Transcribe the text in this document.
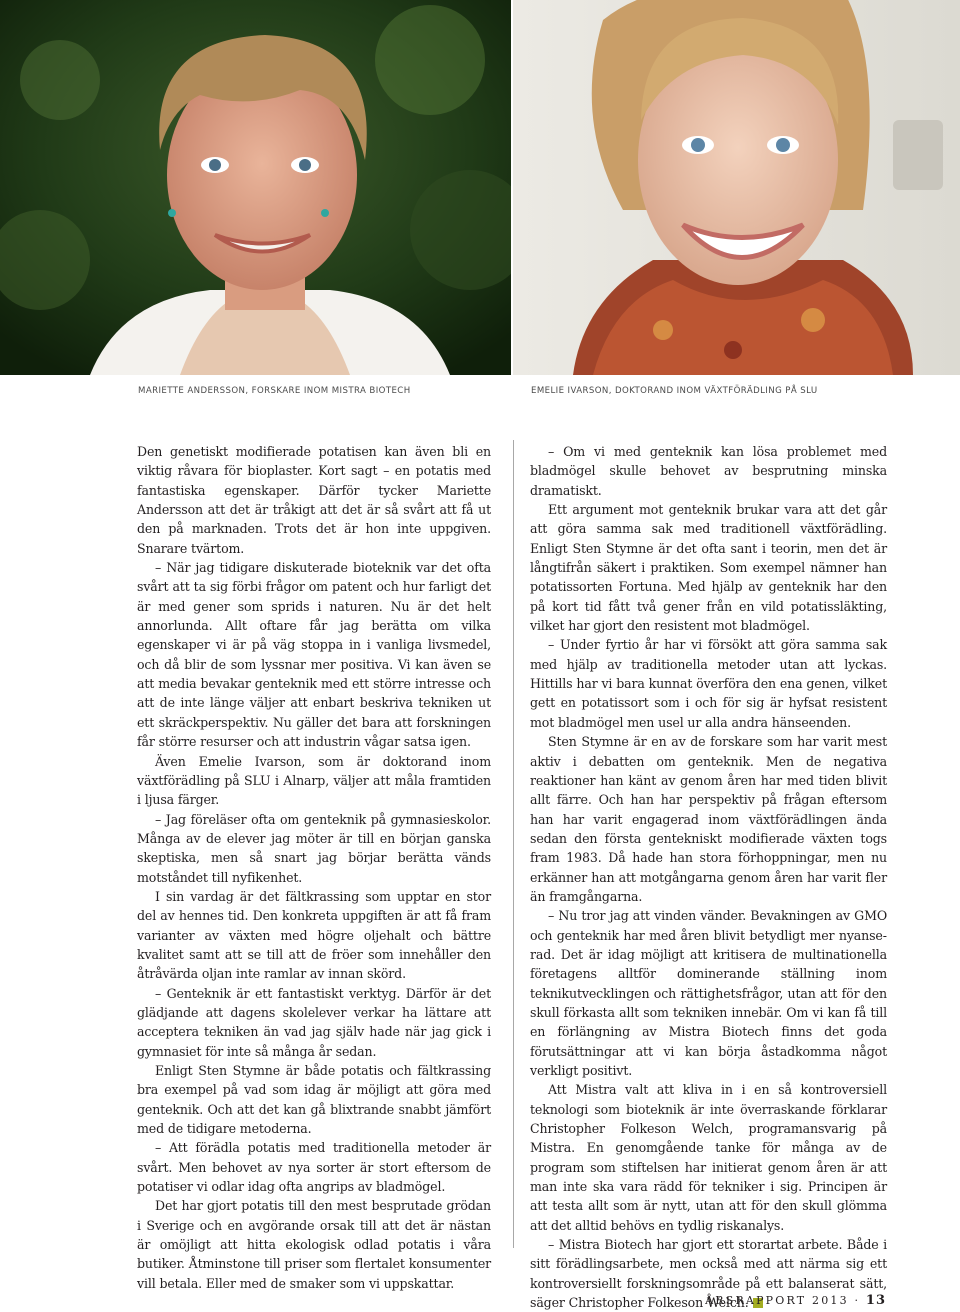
MARIETTE ANDERSSON, FORSKARE INOM MISTRA BIOTECH	EMELIE IVARSON, DOKTORAND INOM VÄXTFÖRÄDLING PÅ SLU

Den genetiskt modifierade potatisen kan även bli en viktig råvara för bioplaster. Kort sagt – en potatis med fantastiska egenskaper. Därför tycker Mariette Andersson att det är tråkigt att det är så svårt att få ut den på marknaden. Trots det är hon inte uppgiven. Snarare tvärtom.

– När jag tidigare diskuterade bioteknik var det ofta svårt att ta sig förbi frågor om patent och hur farligt det är med gener som sprids i naturen. Nu är det helt annorlunda. Allt oftare får jag berätta om vilka egenskaper vi är på väg stoppa in i vanliga livsmedel, och då blir de som lyssnar mer positiva. Vi kan även se att media bevakar genteknik med ett större intresse och att de inte länge väljer att enbart beskriva tekniken ut ett skräckperspektiv. Nu gäller det bara att forskningen får större resurser och att industrin vågar satsa igen.

Även Emelie Ivarson, som är doktorand inom växtförädling på SLU i Alnarp, väljer att måla framtiden i ljusa färger.

– Jag föreläser ofta om genteknik på gymnasieskolor. Många av de elever jag möter är till en början ganska skeptiska, men så snart jag börjar berätta vänds motståndet till nyfikenhet.

I sin vardag är det fältkrassing som upptar en stor del av hennes tid. Den konkreta uppgiften är att få fram varianter av växten med högre oljehalt och bättre kvalitet samt att se till att de fröer som innehåller den åtråvärda oljan inte ramlar av innan skörd.

– Genteknik är ett fantastiskt verktyg. Därför är det glädjande att dagens skolelever verkar ha lättare att acceptera tekniken än vad jag själv hade när jag gick i gymnasiet för inte så många år sedan.

Enligt Sten Stymne är både potatis och fältkrassing bra exempel på vad som idag är möjligt att göra med genteknik. Och att det kan gå blixtrande snabbt jämfört med de tidigare metoderna.

– Att förädla potatis med traditionella metoder är svårt. Men behovet av nya sorter är stort eftersom de potatiser vi odlar idag ofta angrips av bladmögel.

Det har gjort potatis till den mest besprutade grödan i Sverige och en avgörande orsak till att det är nästan är omöjligt att hitta ekologisk odlad potatis i våra butiker. Åtminstone till priser som flertalet konsumenter vill betala. Eller med de smaker som vi uppskattar.

– Om vi med genteknik kan lösa problemet med bladmögel skulle behovet av besprutning minska dramatiskt.

Ett argument mot genteknik brukar vara att det går att göra samma sak med traditionell växtförädling. Enligt Sten Stymne är det ofta sant i teorin, men det är långtifrån säkert i praktiken. Som exempel nämner han potatissorten Fortuna. Med hjälp av genteknik har den på kort tid fått två gener från en vild potatissläkting, vilket har gjort den resistent mot bladmögel.

– Under fyrtio år har vi försökt att göra samma sak med hjälp av traditionella metoder utan att lyckas. Hittills har vi bara kunnat överföra den ena genen, vilket gett en potatissort som i och för sig är hyfsat resistent mot bladmögel men usel ur alla andra hänseenden.

Sten Stymne är en av de forskare som har varit mest aktiv i debatten om genteknik. Men de negativa reaktioner han känt av genom åren har med tiden blivit allt färre. Och han har perspektiv på frågan eftersom han har varit engagerad inom växtförädlingen ända sedan den första gentekniskt modifierade växten togs fram 1983. Då hade han stora förhoppningar, men nu erkänner han att motgångarna genom åren har varit fler än framgångarna.

– Nu tror jag att vinden vänder. Bevakningen av GMO och genteknik har med åren blivit betydligt mer nyanserad. Det är idag möjligt att kritisera de multinationella företagens alltför dominerande ställning inom teknikutvecklingen och rättighetsfrågor, utan att för den skull förkasta allt som tekniken innebär. Om vi kan få till en förlängning av Mistra Biotech finns det goda förutsättningar att vi kan börja åstadkomma något verkligt positivt.

Att Mistra valt att kliva in i en så kontroversiell teknologi som bioteknik är inte överraskande förklarar Christopher Folkeson Welch, programansvarig på Mistra. En genomgående tanke för många av de program som stiftelsen har initierat genom åren är att man inte ska vara rädd för tekniker i sig. Principen är att testa allt som är nytt, utan att för den skull glömma att det alltid behövs en tydlig riskanalys.

– Mistra Biotech har gjort ett storartat arbete. Både i sitt förädlingsarbete, men också med att närma sig ett kontroversiellt forskningsområde på ett balanserat sätt, säger Christopher Folkeson Welch.

ÅRSRAPPORT 2013 · 13
